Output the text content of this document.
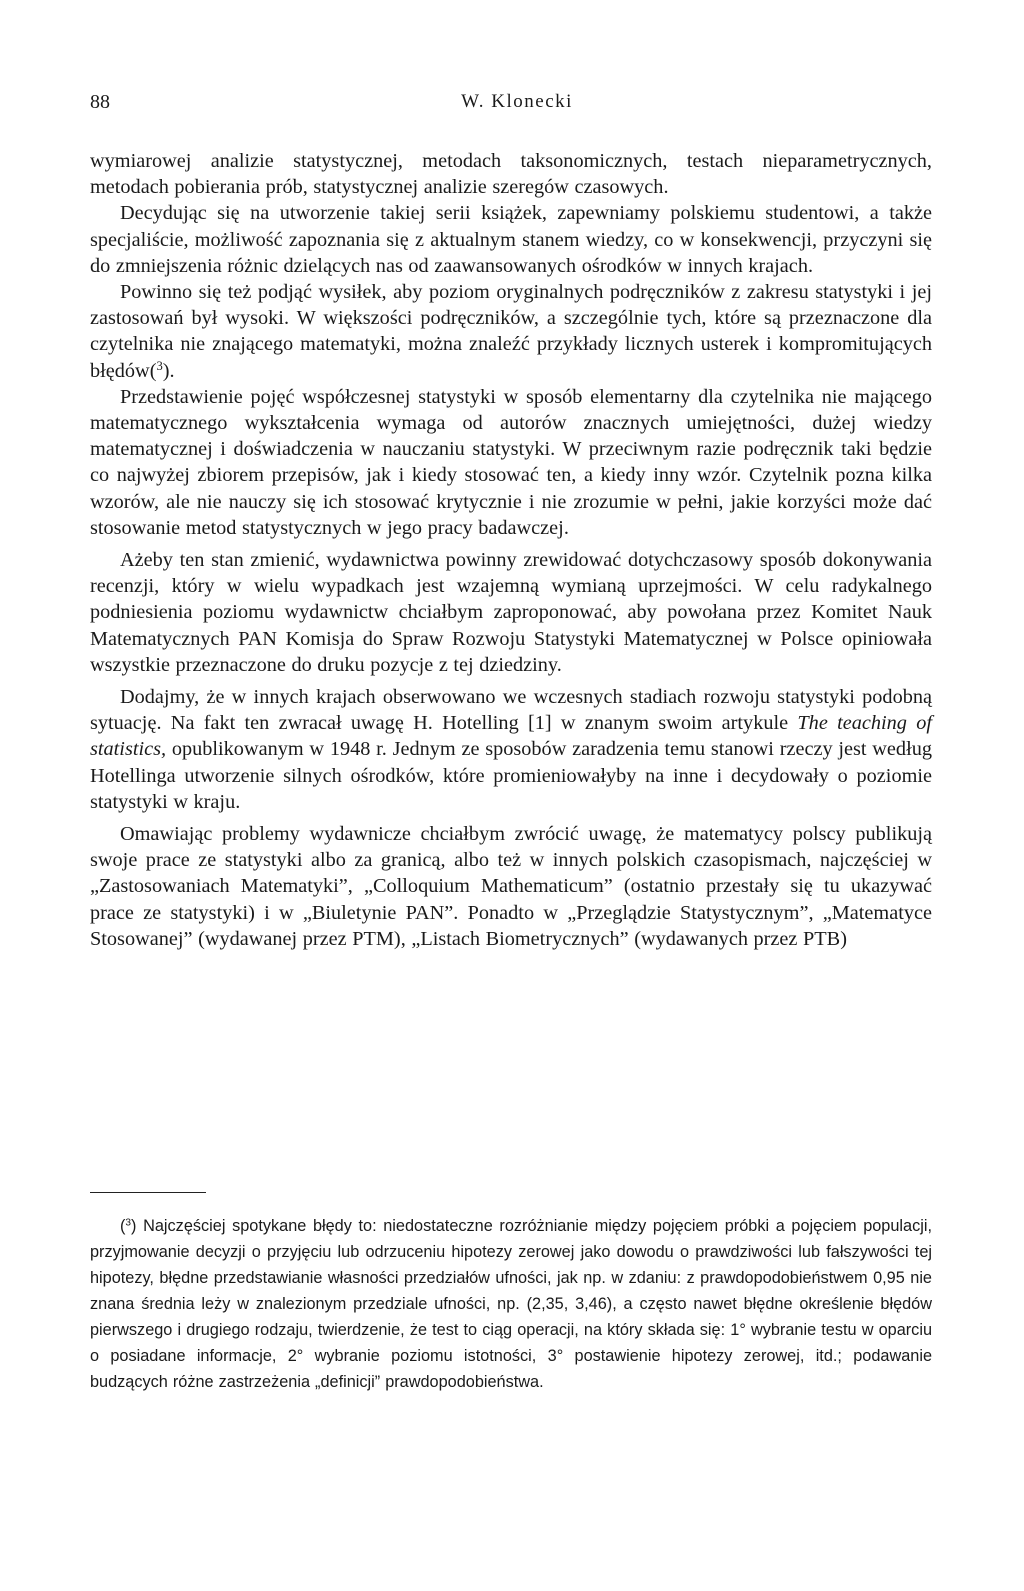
88	W. Klonecki

wymiarowej analizie statystycznej, metodach taksonomicznych, testach nieparametrycznych, metodach pobierania prób, statystycznej analizie szeregów czasowych.

Decydując się na utworzenie takiej serii książek, zapewniamy polskiemu studentowi, a także specjaliście, możliwość zapoznania się z aktualnym stanem wiedzy, co w konsekwencji, przyczyni się do zmniejszenia różnic dzielących nas od zaawansowanych ośrodków w innych krajach.

Powinno się też podjąć wysiłek, aby poziom oryginalnych podręczników z zakresu statystyki i jej zastosowań był wysoki. W większości podręczników, a szczególnie tych, które są przeznaczone dla czytelnika nie znającego matematyki, można znaleźć przykłady licznych usterek i kompromitujących błędów($^3$).

Przedstawienie pojęć współczesnej statystyki w sposób elementarny dla czytelnika nie mającego matematycznego wykształcenia wymaga od autorów znacznych umiejętności, dużej wiedzy matematycznej i doświadczenia w nauczaniu statystyki. W przeciwnym razie podręcznik taki będzie co najwyżej zbiorem przepisów, jak i kiedy stosować ten, a kiedy inny wzór. Czytelnik pozna kilka wzorów, ale nie nauczy się ich stosować krytycznie i nie zrozumie w pełni, jakie korzyści może dać stosowanie metod statystycznych w jego pracy badawczej.

Ażeby ten stan zmienić, wydawnictwa powinny zrewidować dotychczasowy sposób dokonywania recenzji, który w wielu wypadkach jest wzajemną wymianą uprzejmości. W celu radykalnego podniesienia poziomu wydawnictw chciałbym zaproponować, aby powołana przez Komitet Nauk Matematycznych PAN Komisja do Spraw Rozwoju Statystyki Matematycznej w Polsce opiniowała wszystkie przeznaczone do druku pozycje z tej dziedziny.

Dodajmy, że w innych krajach obserwowano we wczesnych stadiach rozwoju statystyki podobną sytuację. Na fakt ten zwracał uwagę H. Hotelling [1] w znanym swoim artykule The teaching of statistics, opublikowanym w 1948 r. Jednym ze sposobów zaradzenia temu stanowi rzeczy jest według Hotellinga utworzenie silnych ośrodków, które promieniowałyby na inne i decydowały o poziomie statystyki w kraju.

Omawiając problemy wydawnicze chciałbym zwrócić uwagę, że matematycy polscy publikują swoje prace ze statystyki albo za granicą, albo też w innych polskich czasopismach, najczęściej w „Zastosowaniach Matematyki”, „Colloquium Mathematicum” (ostatnio przestały się tu ukazywać prace ze statystyki) i w „Biuletynie PAN”. Ponadto w „Przeglądzie Statystycznym”, „Matematyce Stosowanej” (wydawanej przez PTM), „Listach Biometrycznych” (wydawanych przez PTB)

($^3$) Najczęściej spotykane błędy to: niedostateczne rozróżnianie między pojęciem próbki a pojęciem populacji, przyjmowanie decyzji o przyjęciu lub odrzuceniu hipotezy zerowej jako dowodu o prawdziwości lub fałszywości tej hipotezy, błędne przedstawianie własności przedziałów ufności, jak np. w zdaniu: z prawdopodobieństwem 0,95 nie znana średnia leży w znalezionym przedziale ufności, np. (2,35, 3,46), a często nawet błędne określenie błędów pierwszego i drugiego rodzaju, twierdzenie, że test to ciąg operacji, na który składa się: 1° wybranie testu w oparciu o posiadane informacje, 2° wybranie poziomu istotności, 3° postawienie hipotezy zerowej, itd.; podawanie budzących różne zastrzeżenia „definicji” prawdopodobieństwa.
